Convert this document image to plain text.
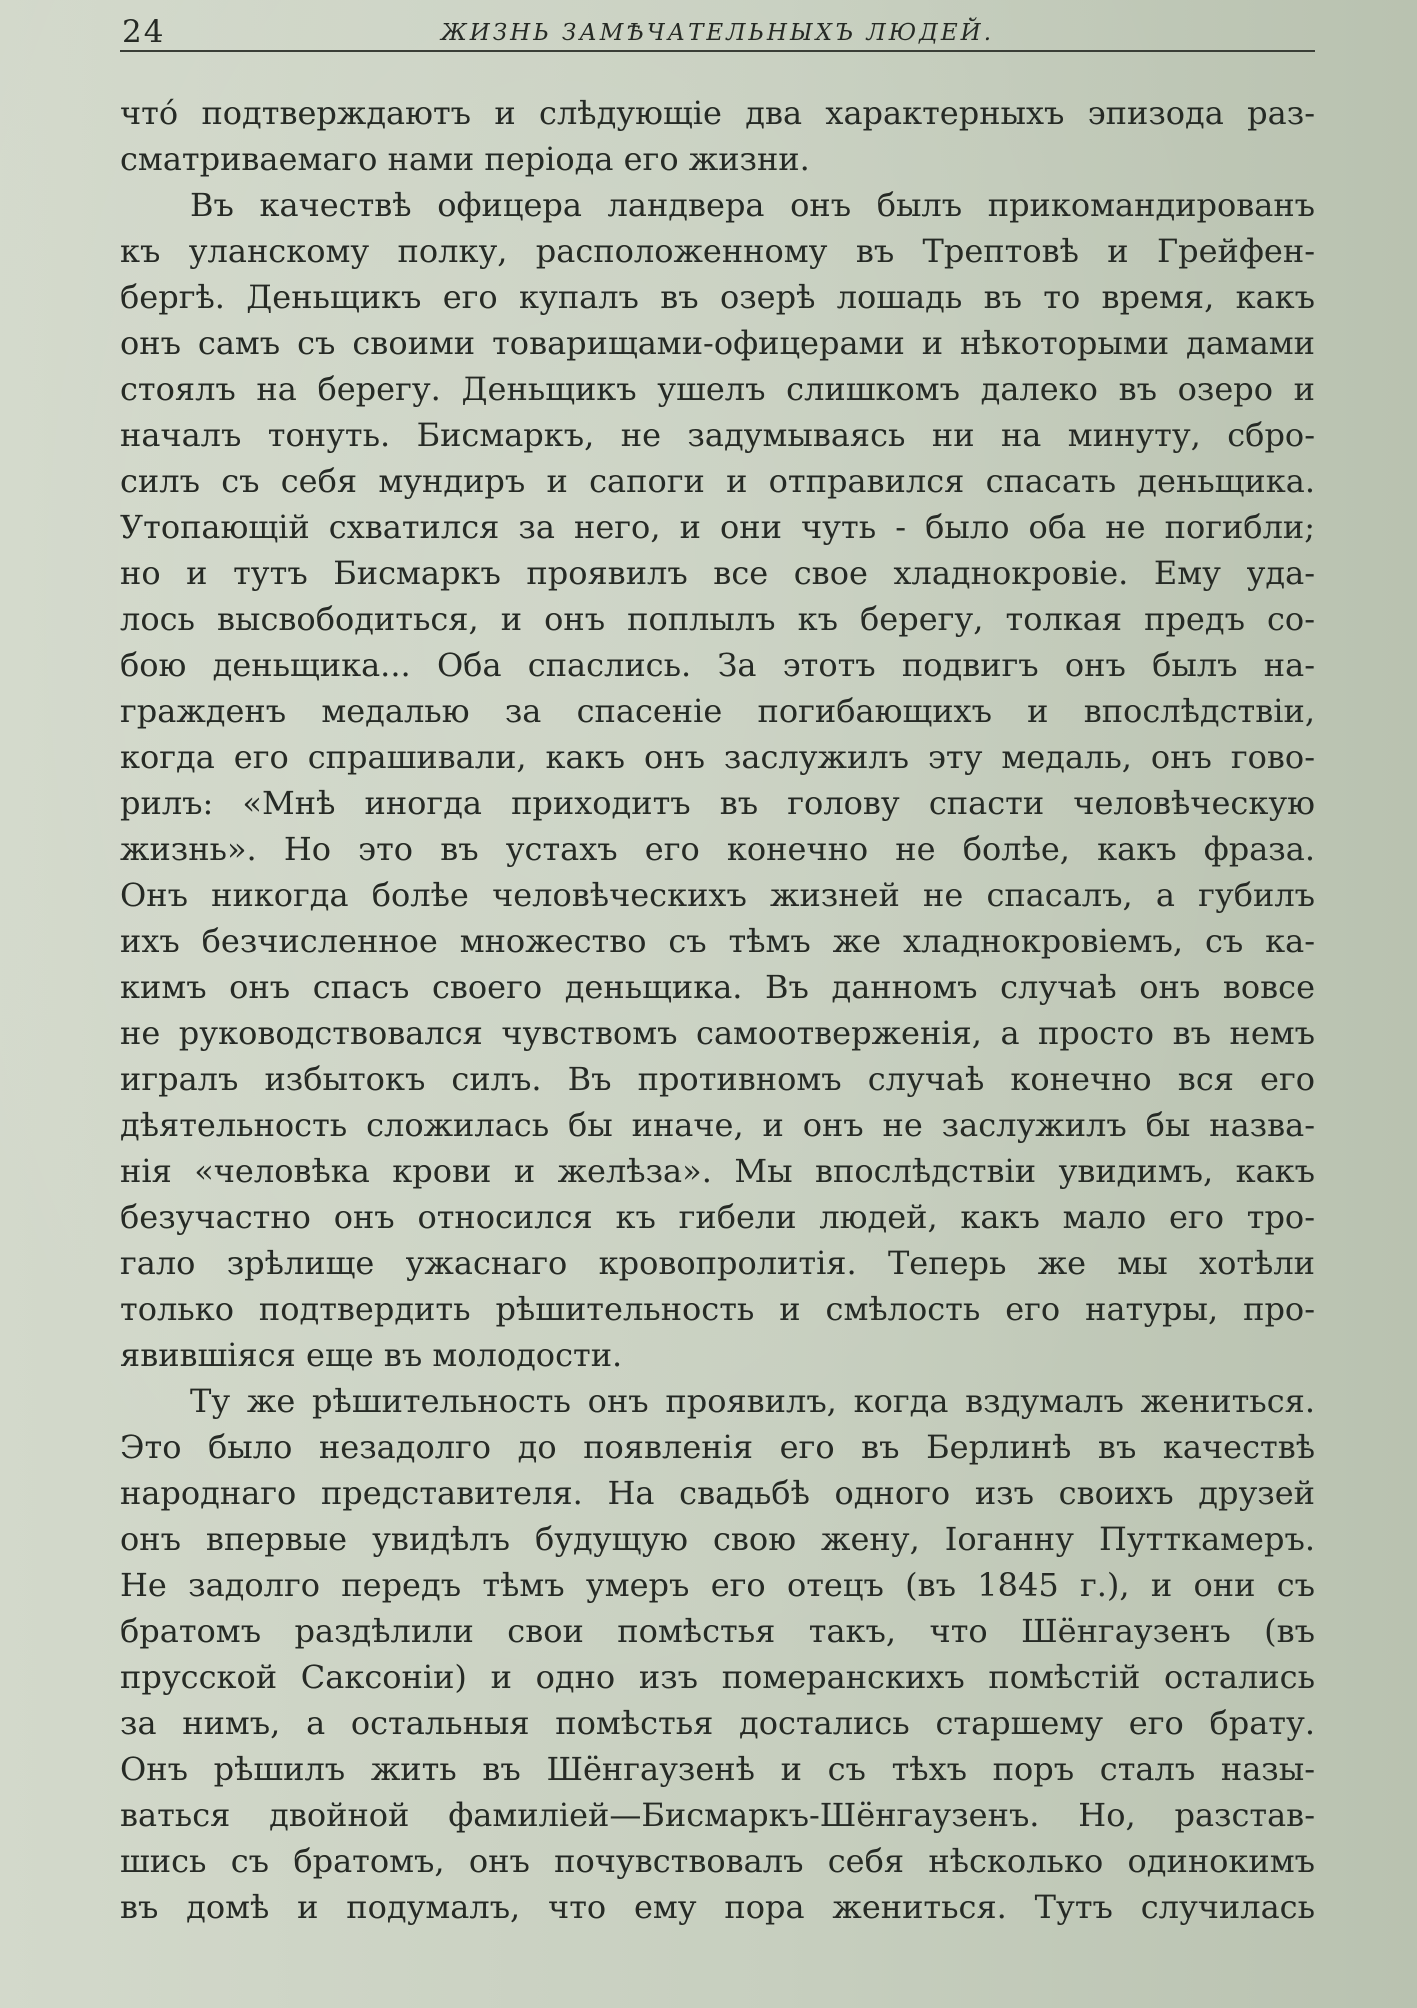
24	ЖИЗНЬ ЗАМѢЧАТЕЛЬНЫХЪ ЛЮДЕЙ.
что́ подтверждаютъ и слѣдующіе два характерныхъ эпизода раз-
сматриваемаго нами періода его жизни.
Въ качествѣ офицера ландвера онъ былъ прикомандированъ
къ уланскому полку, расположенному въ Трептовѣ и Грейфен-
бергѣ. Деньщикъ его купалъ въ озерѣ лошадь въ то время, какъ
онъ самъ съ своими товарищами-офицерами и нѣкоторыми дамами
стоялъ на берегу. Деньщикъ ушелъ слишкомъ далеко въ озеро и
началъ тонуть. Бисмаркъ, не задумываясь ни на минуту, сбро-
силъ съ себя мундиръ и сапоги и отправился спасать деньщика.
Утопающій схватился за него, и они чуть - было оба не погибли;
но и тутъ Бисмаркъ проявилъ все свое хладнокровіе. Ему уда-
лось высвободиться, и онъ поплылъ къ берегу, толкая предъ со-
бою деньщика... Оба спаслись. За этотъ подвигъ онъ былъ на-
гражденъ медалью за спасеніе погибающихъ и впослѣдствіи,
когда его спрашивали, какъ онъ заслужилъ эту медаль, онъ гово-
рилъ: «Мнѣ иногда приходитъ въ голову спасти человѣческую
жизнь». Но это въ устахъ его конечно не болѣе, какъ фраза.
Онъ никогда болѣе человѣческихъ жизней не спасалъ, а губилъ
ихъ безчисленное множество съ тѣмъ же хладнокровіемъ, съ ка-
кимъ онъ спасъ своего деньщика. Въ данномъ случаѣ онъ вовсе
не руководствовался чувствомъ самоотверженія, а просто въ немъ
игралъ избытокъ силъ. Въ противномъ случаѣ конечно вся его
дѣятельность сложилась бы иначе, и онъ не заслужилъ бы назва-
нія «человѣка крови и желѣза». Мы впослѣдствіи увидимъ, какъ
безучастно онъ относился къ гибели людей, какъ мало его тро-
гало зрѣлище ужаснаго кровопролитія. Теперь же мы хотѣли
только подтвердить рѣшительность и смѣлость его натуры, про-
явившіяся еще въ молодости.
Ту же рѣшительность онъ проявилъ, когда вздумалъ жениться.
Это было незадолго до появленія его въ Берлинѣ въ качествѣ
народнаго представителя. На свадьбѣ одного изъ своихъ друзей
онъ впервые увидѣлъ будущую свою жену, Іоганну Путткамеръ.
Не задолго передъ тѣмъ умеръ его отецъ (въ 1845 г.), и они съ
братомъ раздѣлили свои помѣстья такъ, что Шёнгаузенъ (въ
прусской Саксоніи) и одно изъ померанскихъ помѣстій остались
за нимъ, а остальныя помѣстья достались старшему его брату.
Онъ рѣшилъ жить въ Шёнгаузенѣ и съ тѣхъ поръ сталъ назы-
ваться двойной фамиліей—Бисмаркъ-Шёнгаузенъ. Но, разстав-
шись съ братомъ, онъ почувствовалъ себя нѣсколько одинокимъ
въ домѣ и подумалъ, что ему пора жениться. Тутъ случилась
